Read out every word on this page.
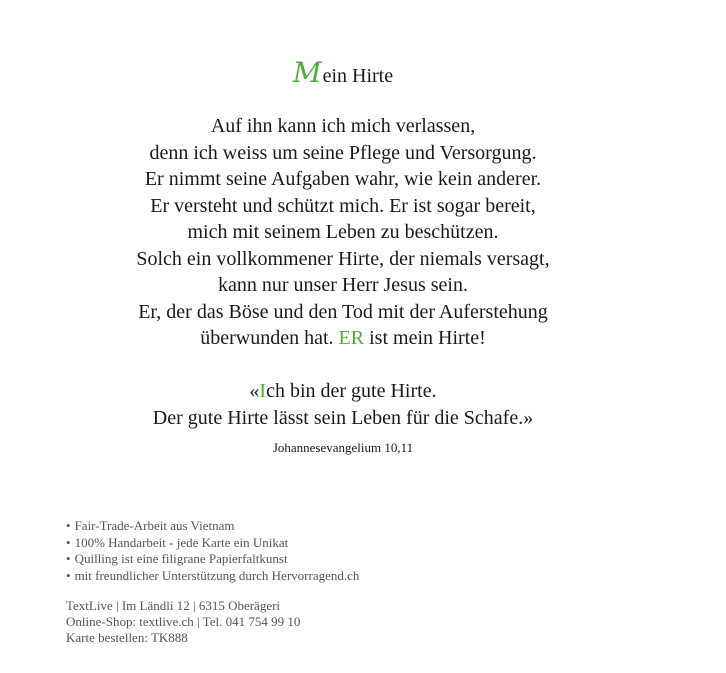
Mein Hirte
Auf ihn kann ich mich verlassen,
denn ich weiss um seine Pflege und Versorgung.
Er nimmt seine Aufgaben wahr, wie kein anderer.
Er versteht und schützt mich. Er ist sogar bereit,
mich mit seinem Leben zu beschützen.
Solch ein vollkommener Hirte, der niemals versagt,
kann nur unser Herr Jesus sein.
Er, der das Böse und den Tod mit der Auferstehung
überwunden hat. ER ist mein Hirte!
«Ich bin der gute Hirte.
Der gute Hirte lässt sein Leben für die Schafe.»
Johannesevangelium 10,11
• Fair-Trade-Arbeit aus Vietnam
• 100% Handarbeit - jede Karte ein Unikat
• Quilling ist eine filigrane Papierfaltkunst
• mit freundlicher Unterstützung durch Hervorragend.ch
TextLive | Im Ländli 12 | 6315 Oberägeri
Online-Shop: textlive.ch | Tel. 041 754 99 10
Karte bestellen: TK888
